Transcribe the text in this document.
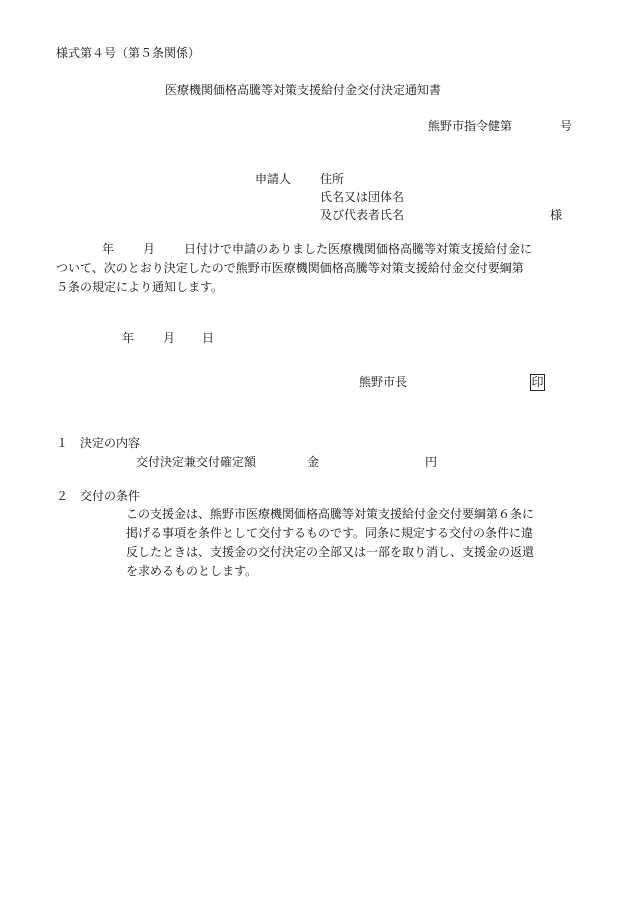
様式第４号（第５条関係）
医療機関価格高騰等対策支援給付金交付決定通知書
熊野市指令健第	号
申請人 住所
氏名又は団体名
及び代表者氏名	様
年 月 日付けで申請のありました医療機関価格高騰等対策支援給付金に
ついて、次のとおり決定したので熊野市医療機関価格高騰等対策支援給付金交付要綱第
５条の規定により通知します。
年 月 日
熊野市長	印
１　決定の内容
交付決定兼交付確定額	金	円
２　交付の条件
この支援金は、熊野市医療機関価格高騰等対策支援給付金交付要綱第６条に
掲げる事項を条件として交付するものです。同条に規定する交付の条件に違
反したときは、支援金の交付決定の全部又は一部を取り消し、支援金の返還
を求めるものとします。
